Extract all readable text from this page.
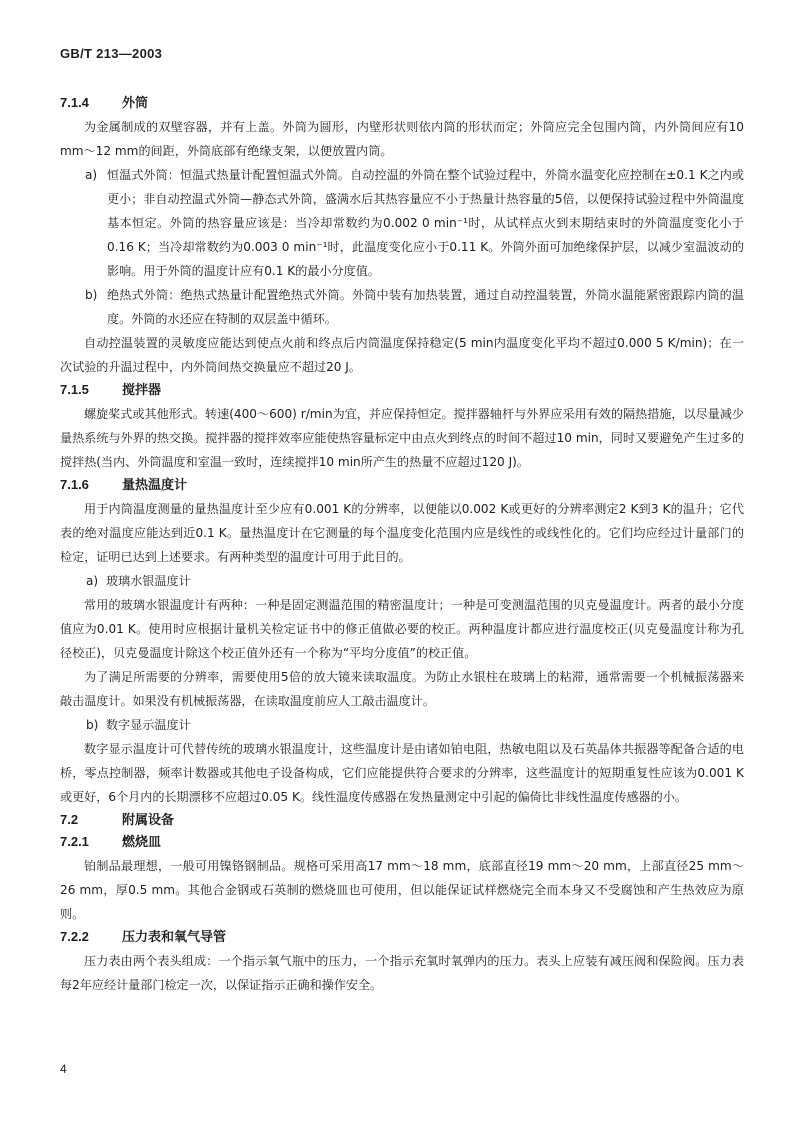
GB/T 213—2003
7.1.4	外筒

为金属制成的双壁容器，并有上盖。外筒为圆形，内壁形状则依内筒的形状而定；外筒应完全包围内筒，内外筒间应有10 mm～12 mm的间距，外筒底部有绝缘支架，以便放置内筒。

a) 恒温式外筒：恒温式热量计配置恒温式外筒。自动控温的外筒在整个试验过程中，外筒水温变化应控制在±0.1 K之内或更小；非自动控温式外筒—静态式外筒，盛满水后其热容量应不小于热量计热容量的5倍，以便保持试验过程中外筒温度基本恒定。外筒的热容量应该是：当冷却常数约为0.002 0 min⁻¹时，从试样点火到末期结束时的外筒温度变化小于0.16 K；当冷却常数约为0.003 0 min⁻¹时，此温度变化应小于0.11 K。外筒外面可加绝缘保护层，以减少室温波动的影响。用于外筒的温度计应有0.1 K的最小分度值。

b) 绝热式外筒：绝热式热量计配置绝热式外筒。外筒中装有加热装置，通过自动控温装置，外筒水温能紧密跟踪内筒的温度。外筒的水还应在特制的双层盖中循环。

自动控温装置的灵敏度应能达到使点火前和终点后内筒温度保持稳定(5 min内温度变化平均不超过0.000 5 K/min)；在一次试验的升温过程中，内外筒间热交换量应不超过20 J。

7.1.5	搅拌器

螺旋桨式或其他形式。转速(400～600) r/min为宜，并应保持恒定。搅拌器轴杆与外界应采用有效的隔热措施，以尽量减少量热系统与外界的热交换。搅拌器的搅拌效率应能使热容量标定中由点火到终点的时间不超过10 min，同时又要避免产生过多的搅拌热(当内、外筒温度和室温一致时，连续搅拌10 min所产生的热量不应超过120 J)。

7.1.6	量热温度计

用于内筒温度测量的量热温度计至少应有0.001 K的分辨率，以便能以0.002 K或更好的分辨率测定2 K到3 K的温升；它代表的绝对温度应能达到近0.1 K。量热温度计在它测量的每个温度变化范围内应是线性的或线性化的。它们均应经过计量部门的检定，证明已达到上述要求。有两种类型的温度计可用于此目的。

a) 玻璃水银温度计

常用的玻璃水银温度计有两种：一种是固定测温范围的精密温度计；一种是可变测温范围的贝克曼温度计。两者的最小分度值应为0.01 K。使用时应根据计量机关检定证书中的修正值做必要的校正。两种温度计都应进行温度校正(贝克曼温度计称为孔径校正)，贝克曼温度计除这个校正值外还有一个称为“平均分度值”的校正值。

为了满足所需要的分辨率，需要使用5倍的放大镜来读取温度。为防止水银柱在玻璃上的粘滞，通常需要一个机械振荡器来敲击温度计。如果没有机械振荡器，在读取温度前应人工敲击温度计。

b) 数字显示温度计

数字显示温度计可代替传统的玻璃水银温度计，这些温度计是由诸如铂电阻，热敏电阻以及石英晶体共振器等配备合适的电桥，零点控制器，频率计数器或其他电子设备构成，它们应能提供符合要求的分辨率，这些温度计的短期重复性应该为0.001 K或更好，6个月内的长期漂移不应超过0.05 K。线性温度传感器在发热量测定中引起的偏倚比非线性温度传感器的小。

7.2	附属设备
7.2.1	燃烧皿

铂制品最理想，一般可用镍铬钢制品。规格可采用高17 mm～18 mm，底部直径19 mm～20 mm，上部直径25 mm～26 mm，厚0.5 mm。其他合金钢或石英制的燃烧皿也可使用，但以能保证试样燃烧完全而本身又不受腐蚀和产生热效应为原则。

7.2.2	压力表和氧气导管

压力表由两个表头组成：一个指示氧气瓶中的压力，一个指示充氧时氧弹内的压力。表头上应装有减压阀和保险阀。压力表每2年应经计量部门检定一次，以保证指示正确和操作安全。

4
